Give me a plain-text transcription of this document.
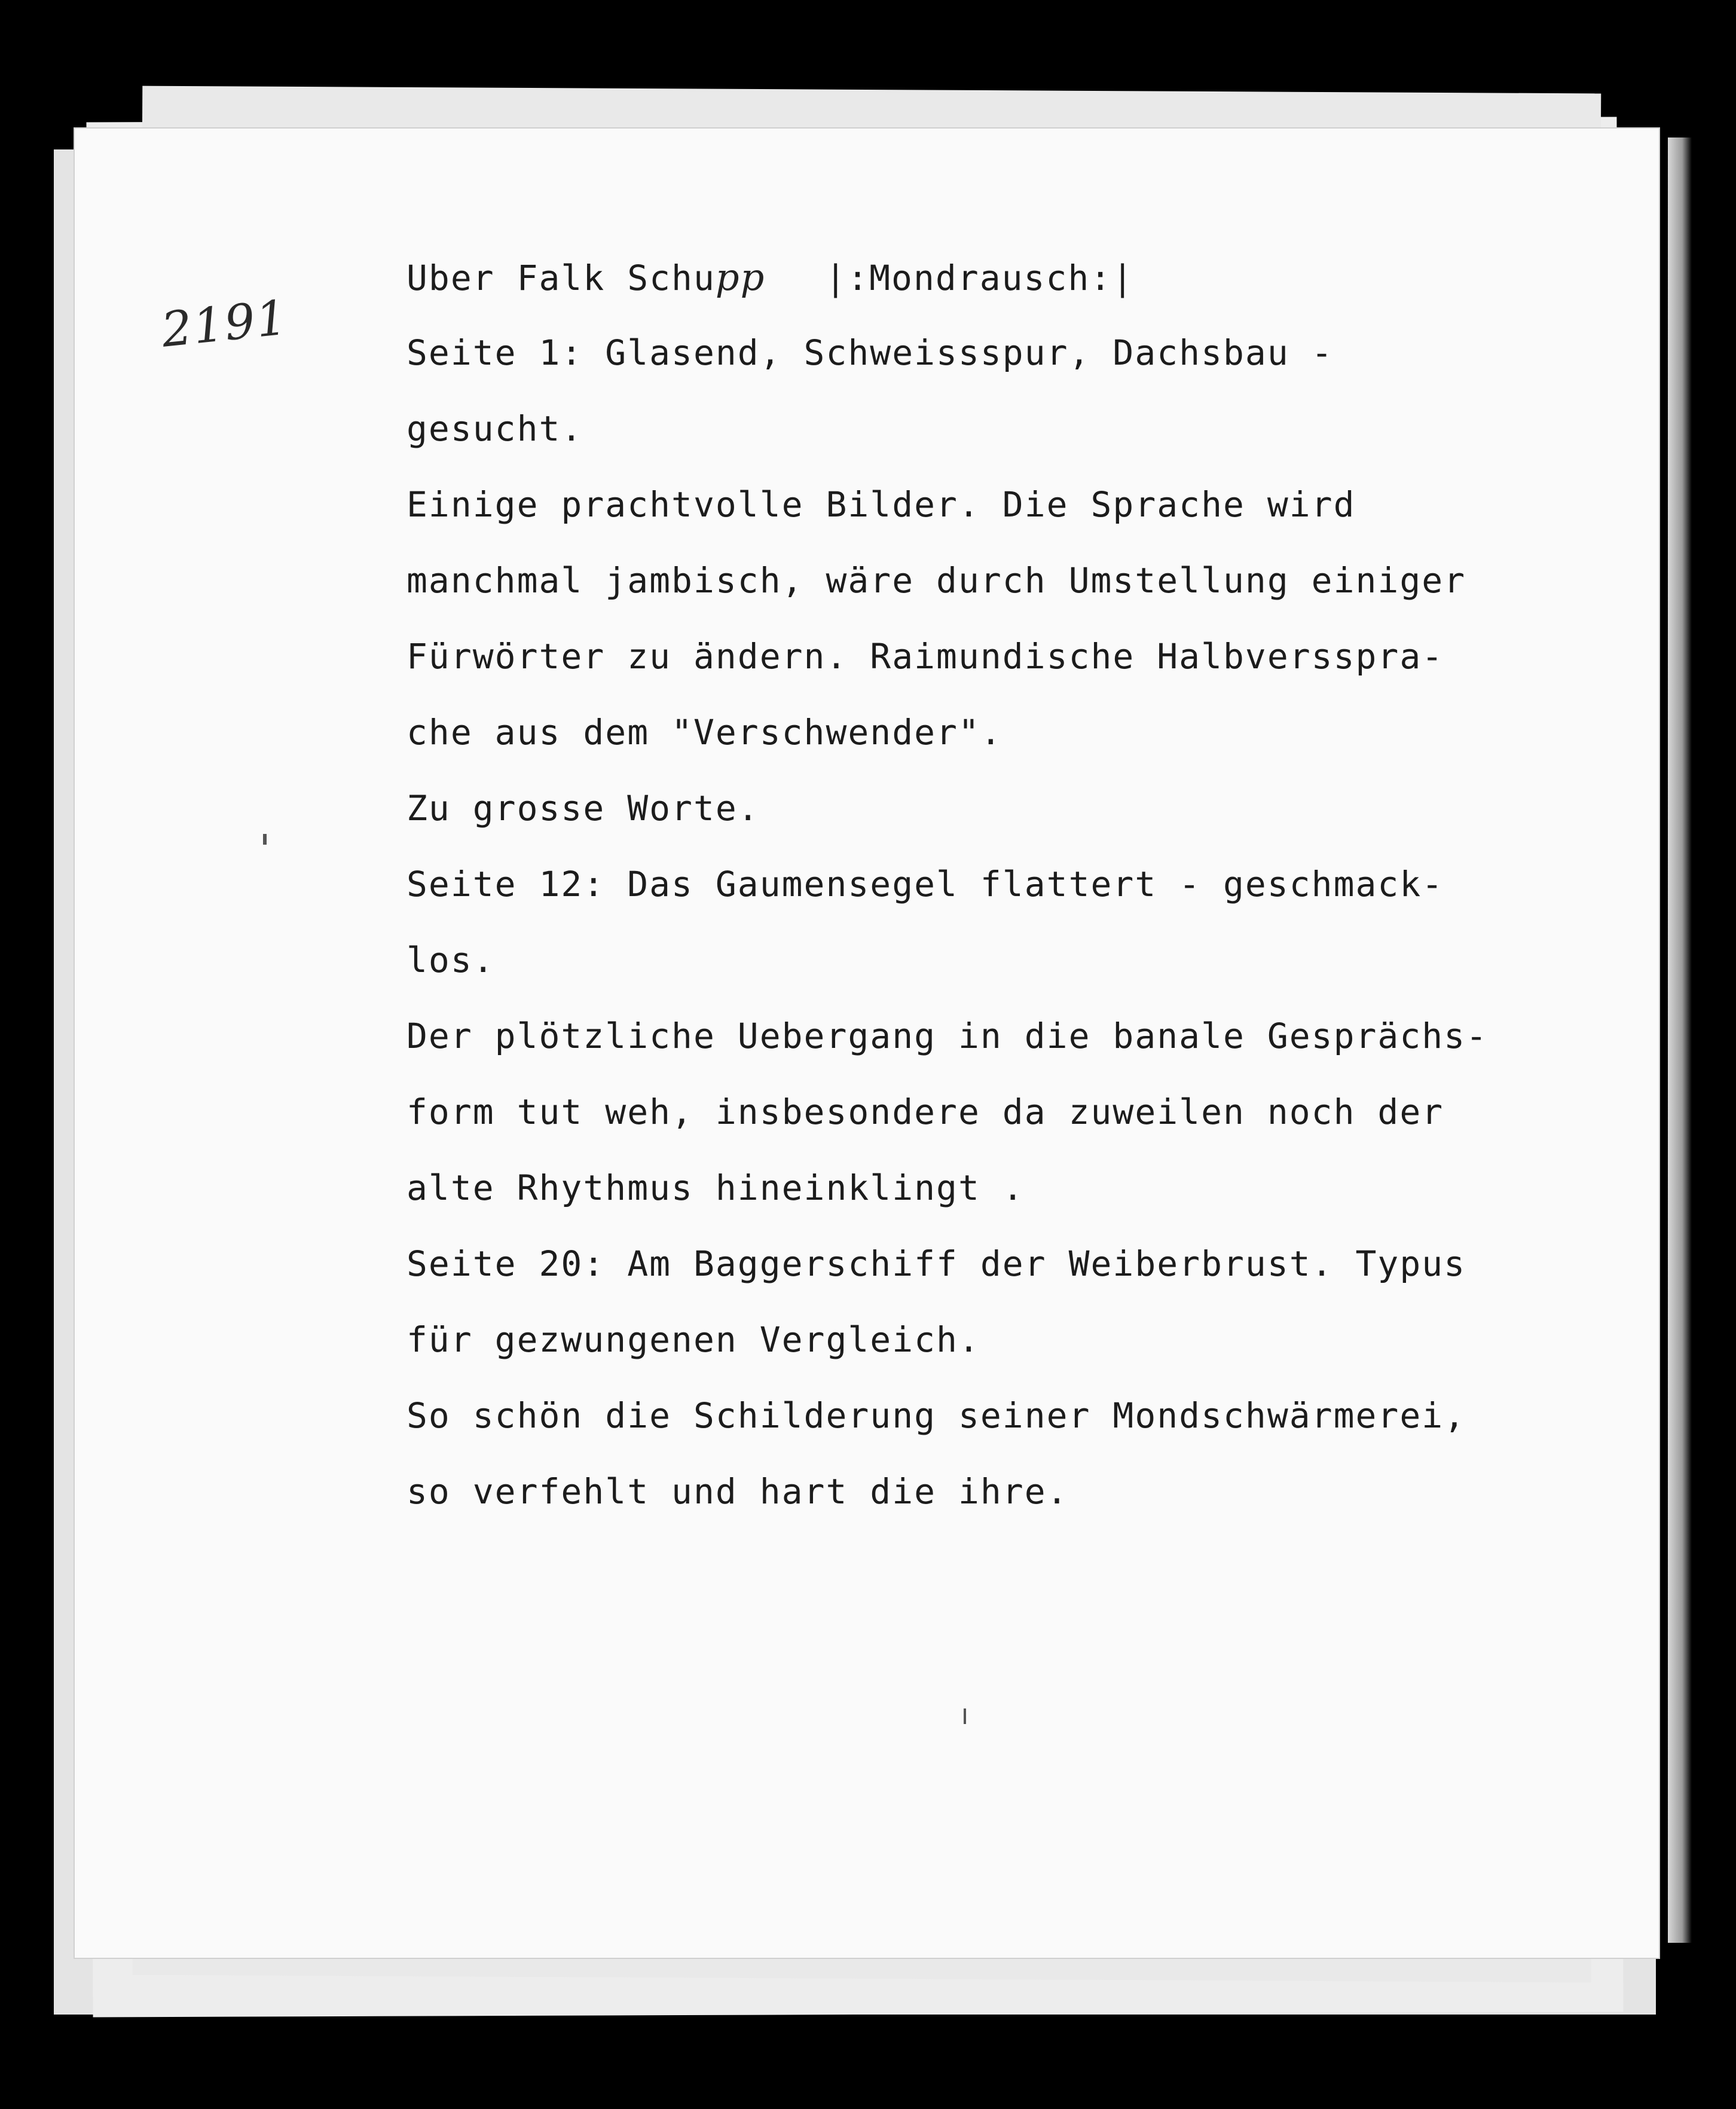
2191
Uber Falk Schupp |:Mondrausch:|
Seite 1: Glasend, Schweissspur, Dachsbau -
gesucht.
Einige prachtvolle Bilder. Die Sprache wird
manchmal jambisch, wäre durch Umstellung einiger
Fürwörter zu ändern. Raimundische Halbversspra-
che aus dem "Verschwender".
Zu grosse Worte.
Seite 12: Das Gaumensegel flattert - geschmack-
los.
Der plötzliche Uebergang in die banale Gesprächs-
form tut weh, insbesondere da zuweilen noch der
alte Rhythmus hineinklingt .
Seite 20: Am Baggerschiff der Weiberbrust. Typus
für gezwungenen Vergleich.
So schön die Schilderung seiner Mondschwärmerei,
so verfehlt und hart die ihre.
